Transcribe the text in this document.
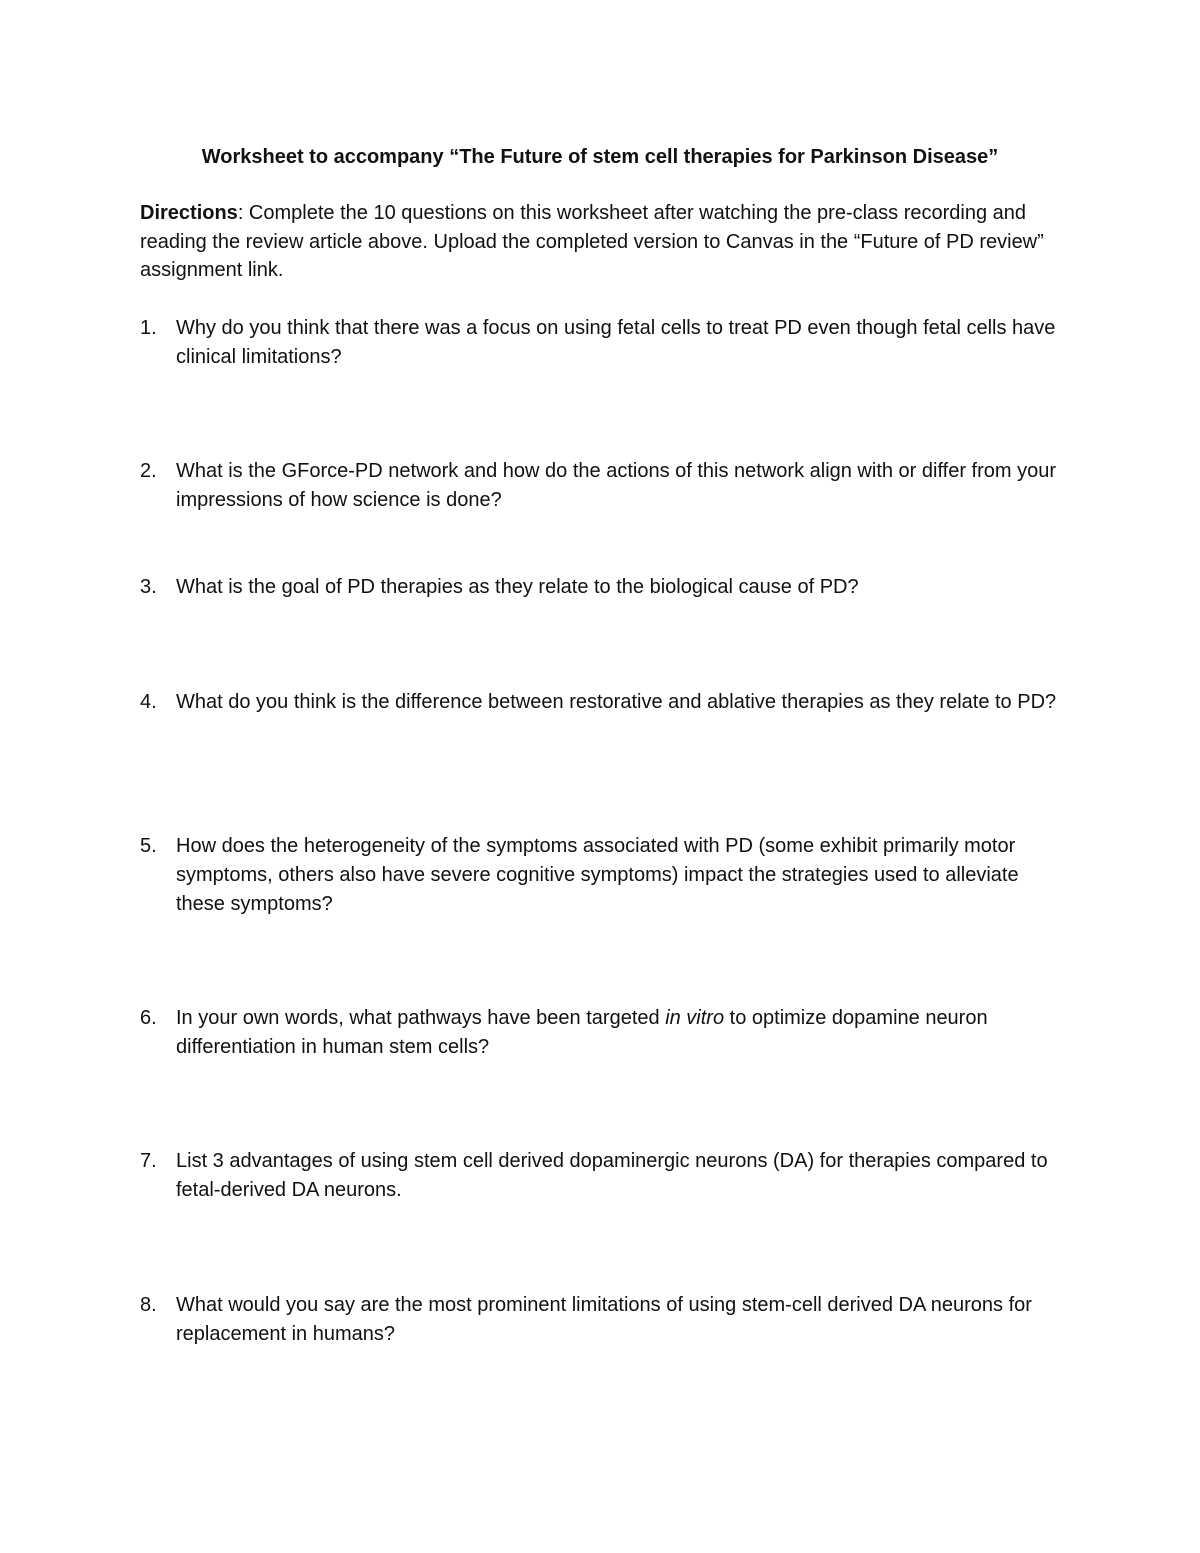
Worksheet to accompany “The Future of stem cell therapies for Parkinson Disease”
Directions: Complete the 10 questions on this worksheet after watching the pre-class recording and reading the review article above. Upload the completed version to Canvas in the “Future of PD review” assignment link.
1. Why do you think that there was a focus on using fetal cells to treat PD even though fetal cells have clinical limitations?
2. What is the GForce-PD network and how do the actions of this network align with or differ from your impressions of how science is done?
3. What is the goal of PD therapies as they relate to the biological cause of PD?
4. What do you think is the difference between restorative and ablative therapies as they relate to PD?
5. How does the heterogeneity of the symptoms associated with PD (some exhibit primarily motor symptoms, others also have severe cognitive symptoms) impact the strategies used to alleviate these symptoms?
6. In your own words, what pathways have been targeted in vitro to optimize dopamine neuron differentiation in human stem cells?
7. List 3 advantages of using stem cell derived dopaminergic neurons (DA) for therapies compared to fetal-derived DA neurons.
8. What would you say are the most prominent limitations of using stem-cell derived DA neurons for replacement in humans?
